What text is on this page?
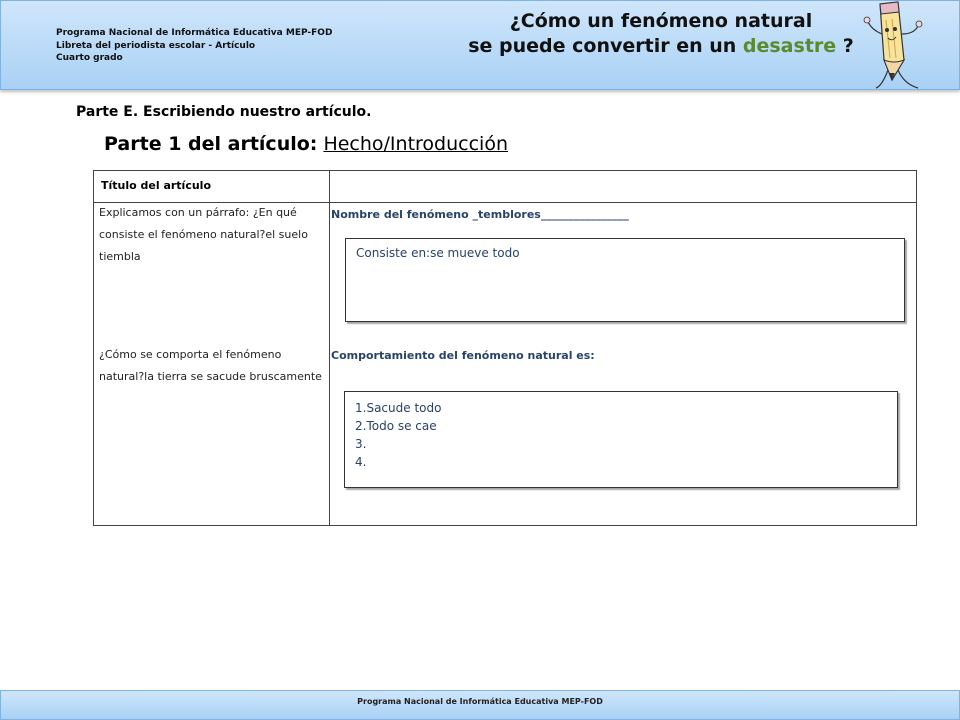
Programa Nacional de Informática Educativa MEP-FOD
Libreta del periodista escolar - Artículo
Cuarto grado
¿Cómo un fenómeno natural
se puede convertir en un desastre ?
Parte E. Escribiendo nuestro artículo.
Parte 1 del artículo: Hecho/Introducción
Título del artículo
Explicamos con un párrafo: ¿En qué consiste el fenómeno natural?el suelo tiembla
Nombre del fenómeno _temblores________________
Consiste en:se mueve todo
¿Cómo se comporta el fenómeno natural?la tierra se sacude bruscamente
Comportamiento del fenómeno natural es:
1.Sacude todo
2.Todo se cae
3.
4.
Programa Nacional de Informática Educativa MEP-FOD
